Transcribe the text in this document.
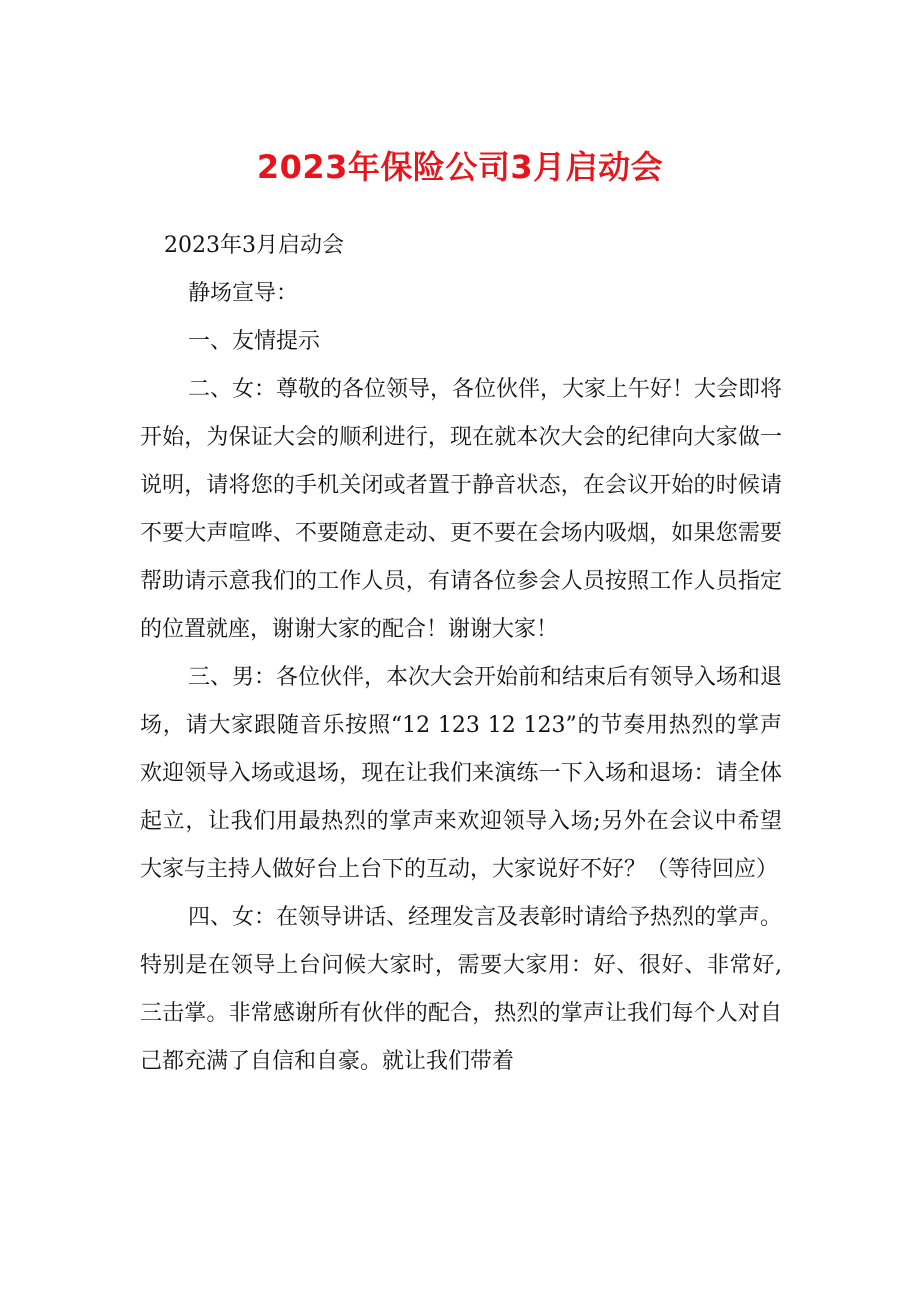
2023年保险公司3月启动会

2023年3月启动会

静场宣导：

一、友情提示

二、女：尊敬的各位领导，各位伙伴，大家上午好！大会即将开始，为保证大会的顺利进行，现在就本次大会的纪律向大家做一说明，请将您的手机关闭或者置于静音状态，在会议开始的时候请不要大声喧哗、不要随意走动、更不要在会场内吸烟，如果您需要帮助请示意我们的工作人员，有请各位参会人员按照工作人员指定的位置就座，谢谢大家的配合！谢谢大家！

三、男：各位伙伴，本次大会开始前和结束后有领导入场和退场，请大家跟随音乐按照“12 123 12 123”的节奏用热烈的掌声欢迎领导入场或退场，现在让我们来演练一下入场和退场：请全体起立，让我们用最热烈的掌声来欢迎领导入场;另外在会议中希望大家与主持人做好台上台下的互动，大家说好不好？（等待回应）

四、女：在领导讲话、经理发言及表彰时请给予热烈的掌声。特别是在领导上台问候大家时，需要大家用：好、很好、非常好,三击掌。非常感谢所有伙伴的配合，热烈的掌声让我们每个人对自己都充满了自信和自豪。就让我们带着
